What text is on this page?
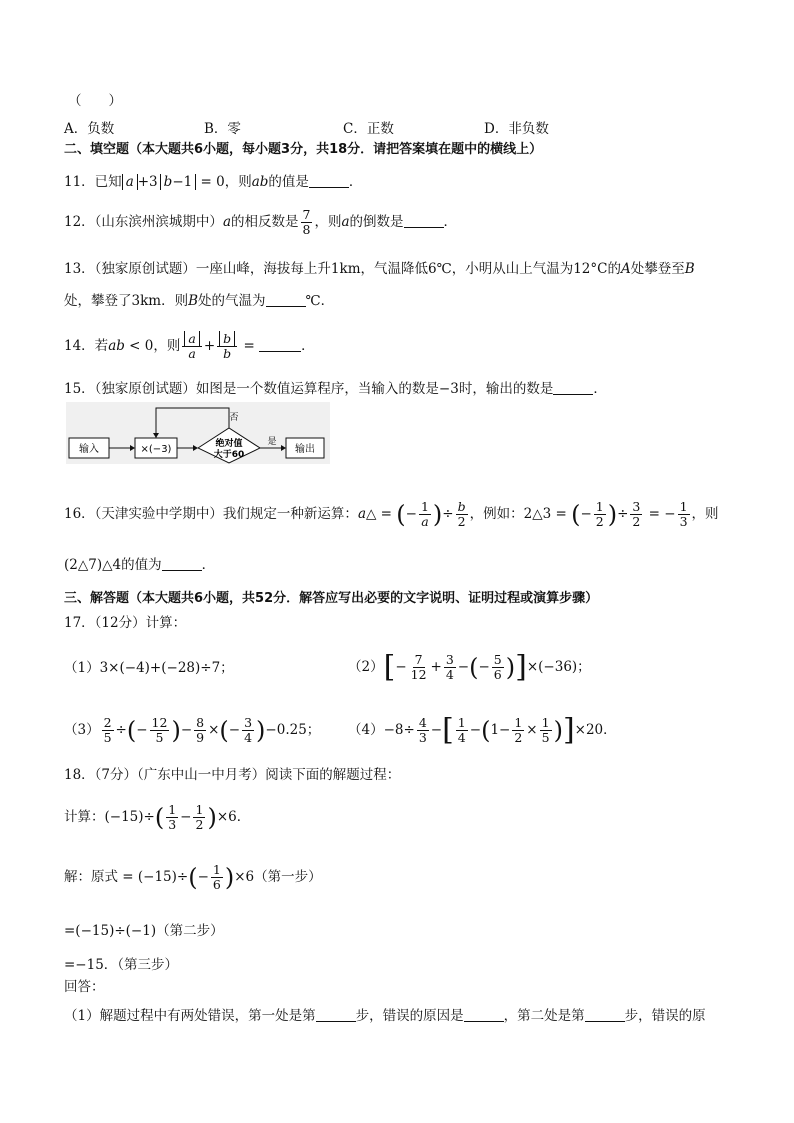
（　　）
A．负数	B．零	C．正数	D．非负数
二、填空题（本大题共6小题，每小题3分，共18分．请把答案填在题中的横线上）
11．已知 a +3 b−1 = 0，则ab的值是	．
12．（山东滨州滨城期中）a的相反数是 $\frac{7}{8}$ ，则a的倒数是	．
13．（独家原创试题）一座山峰，海拔每上升1km，气温降低6℃，小明从山上气温为12°C的A处攀登至B
处，攀登了3km．则B处的气温为	℃．
14．若ab < 0，则 $\frac{a}{a} + \frac{b}{b}$ =	．
15．（独家原创试题）如图是一个数值运算程序，当输入的数是−3时，输出的数是	．
输入	×(−3)	绝对值
大于60
是
否
输出
16．（天津实验中学期中）我们规定一种新运算：a△ = (− $\frac{1}{a}$ )÷ $\frac{b}{2}$ ，例如：2△3 = (− $\frac{1}{2}$ )÷ $\frac{3}{2}$ = − $\frac{1}{3}$ ，则
(2△7)△4的值为	．
三、解答题（本大题共6小题，共52分．解答应写出必要的文字说明、证明过程或演算步骤）
17．（12分）计算：
（1）3×(−4)+(−28)÷7；	$(2)[- \frac{7}{12} + \frac{3}{4}$ −(− $\frac{5}{6} )]\times(-36)$；
$(3) \frac{2}{5}$ ÷(− $\frac{12}{5}$ )− $\frac{8}{9}$ ×(− $\frac{3}{4} )-0.25$； $(4)-8\div \frac{4}{3}$ −[ $\frac{1}{4} -(1- \frac{1}{2} \times \frac{1}{5} )]\times 20$．
18．（7分）（广东中山一中月考）阅读下面的解题过程：
计算：$(-15)\div( \frac{1}{3} - \frac{1}{2} )\times 6$．
解：原式 = $(-15)\div(- \frac{1}{6} )\times 6$（第一步）
=(−15)÷(−1)（第二步）
=−15．（第三步）
回答：
（1）解题过程中有两处错误，第一处是第	步，错误的原因是	，第二处是第	步，错误的原
